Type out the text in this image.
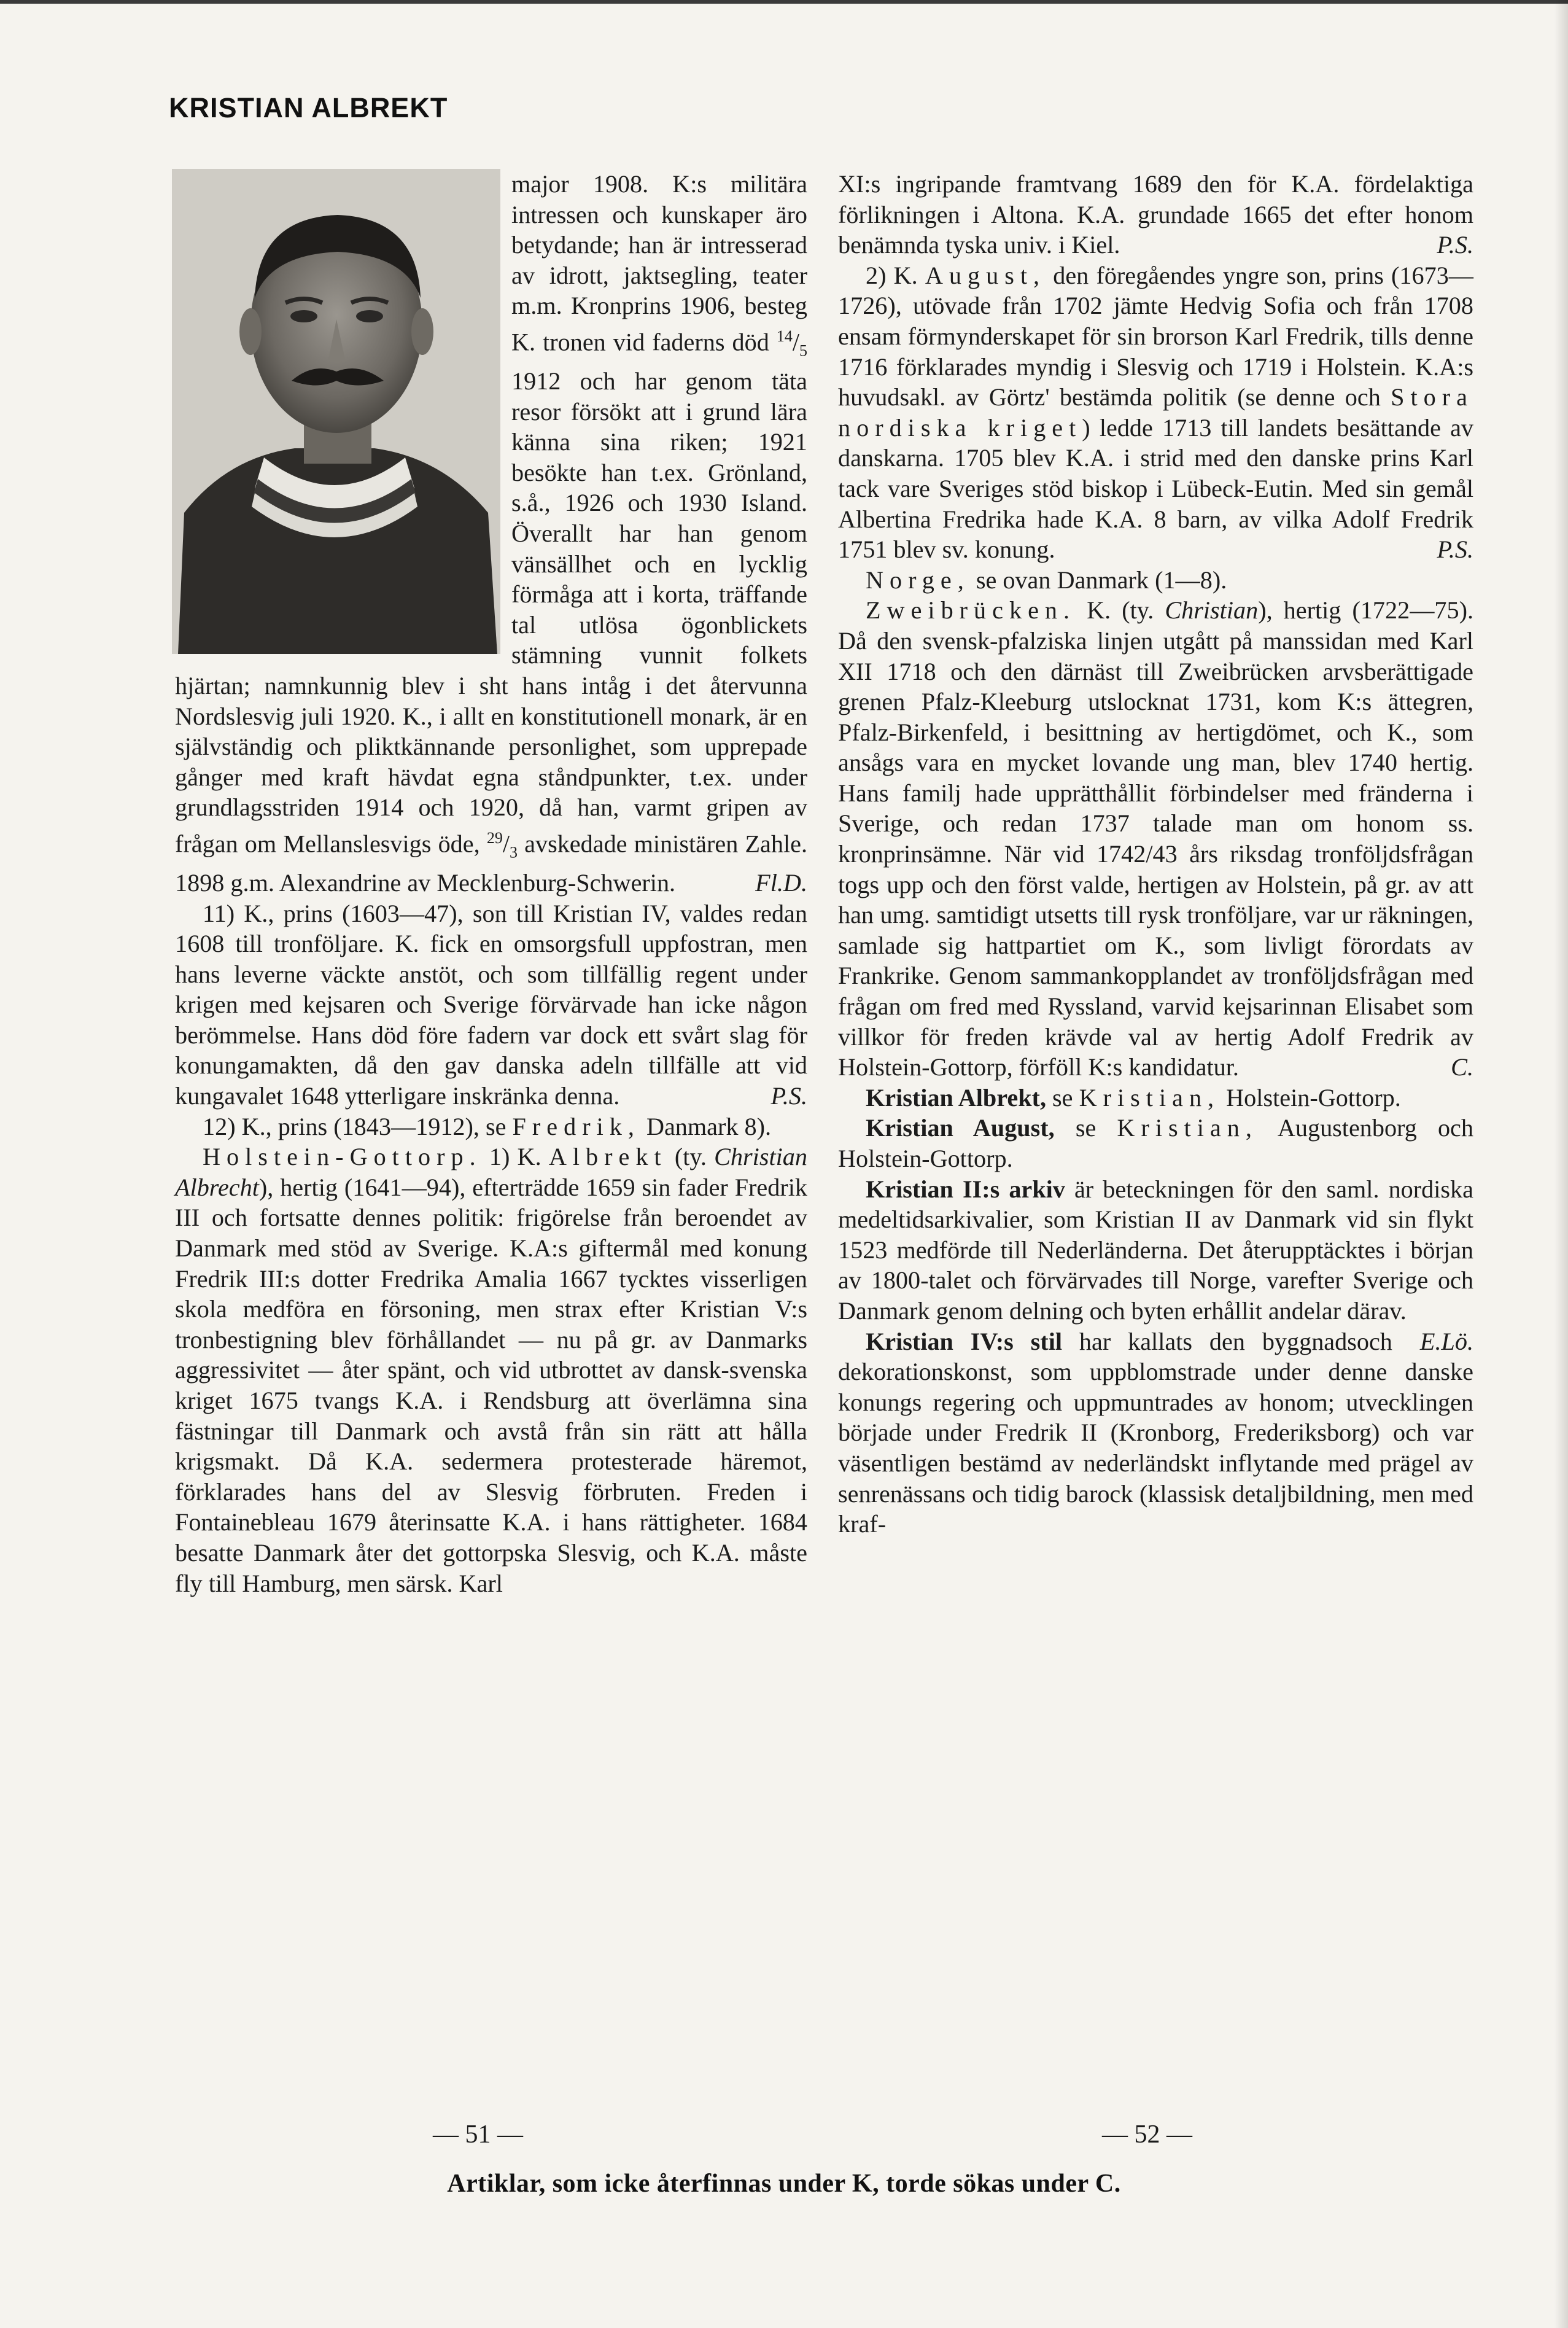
KRISTIAN ALBREKT

major 1908. K:s militära intressen och kunskaper äro betydande; han är intresserad av idrott, jaktsegling, teater m.m. Kronprins 1906, besteg K. tronen vid faderns död $^{14}/_5$ 1912 och har genom täta resor försökt att i grund lära känna sina riken; 1921 besökte han t.ex. Grönland, s.å., 1926 och 1930 Island. Överallt har han genom vänsällhet och en lycklig förmåga att i korta, träffande tal utlösa ögonblickets stämning vunnit folkets hjärtan; namnkunnig blev i sht hans intåg i det återvunna Nordslesvig juli 1920. K., i allt en konstitutionell monark, är en självständig och pliktkännande personlighet, som upprepade gånger med kraft hävdat egna ståndpunkter, t.ex. under grundlagsstriden 1914 och 1920, då han, varmt gripen av frågan om Mellanslesvigs öde, $^{29}/_3$ avskedade ministären Zahle. 1898 g.m. Alexandrine av Mecklenburg-Schwerin.	Fl.D.

11) K., prins (1603—47), son till Kristian IV, valdes redan 1608 till tronföljare. K. fick en omsorgsfull uppfostran, men hans leverne väckte anstöt, och som tillfällig regent under krigen med kejsaren och Sverige förvärvade han icke någon berömmelse. Hans död före fadern var dock ett svårt slag för konungamakten, då den gav danska adeln tillfälle att vid kungavalet 1648 ytterligare inskränka denna.	P.S.

12) K., prins (1843—1912), se Fredrik, Danmark 8).

Holstein-Gottorp. 1) K. Albrekt (ty. Christian Albrecht), hertig (1641—94), efterträdde 1659 sin fader Fredrik III och fortsatte dennes politik: frigörelse från beroendet av Danmark med stöd av Sverige. K.A:s giftermål med konung Fredrik III:s dotter Fredrika Amalia 1667 tycktes visserligen skola medföra en försoning, men strax efter Kristian V:s tronbestigning blev förhållandet — nu på gr. av Danmarks aggressivitet — åter spänt, och vid utbrottet av dansk-svenska kriget 1675 tvangs K.A. i Rendsburg att överlämna sina fästningar till Danmark och avstå från sin rätt att hålla krigsmakt. Då K.A. sedermera protesterade häremot, förklarades hans del av Slesvig förbruten. Freden i Fontainebleau 1679 återinsatte K.A. i hans rättigheter. 1684 besatte Danmark åter det gottorpska Slesvig, och K.A. måste fly till Hamburg, men särsk. Karl

XI:s ingripande framtvang 1689 den för K.A. fördelaktiga förlikningen i Altona. K.A. grundade 1665 det efter honom benämnda tyska univ. i Kiel.	P.S.

2) K. August, den föregåendes yngre son, prins (1673—1726), utövade från 1702 jämte Hedvig Sofia och från 1708 ensam förmynderskapet för sin brorson Karl Fredrik, tills denne 1716 förklarades myndig i Slesvig och 1719 i Holstein. K.A:s huvudsakl. av Görtz' bestämda politik (se denne och Stora nordiska kriget) ledde 1713 till landets besättande av danskarna. 1705 blev K.A. i strid med den danske prins Karl tack vare Sveriges stöd biskop i Lübeck-Eutin. Med sin gemål Albertina Fredrika hade K.A. 8 barn, av vilka Adolf Fredrik 1751 blev sv. konung.	P.S.

Norge, se ovan Danmark (1—8).

Zweibrücken. K. (ty. Christian), hertig (1722—75). Då den svensk-pfalziska linjen utgått på manssidan med Karl XII 1718 och den därnäst till Zweibrücken arvsberättigade grenen Pfalz-Kleeburg utslocknat 1731, kom K:s ättegren, Pfalz-Birkenfeld, i besittning av hertigdömet, och K., som ansågs vara en mycket lovande ung man, blev 1740 hertig. Hans familj hade upprätthållit förbindelser med fränderna i Sverige, och redan 1737 talade man om honom ss. kronprinsämne. När vid 1742/43 års riksdag tronföljdsfrågan togs upp och den först valde, hertigen av Holstein, på gr. av att han umg. samtidigt utsetts till rysk tronföljare, var ur räkningen, samlade sig hattpartiet om K., som livligt förordats av Frankrike. Genom sammankopplandet av tronföljdsfrågan med frågan om fred med Ryssland, varvid kejsarinnan Elisabet som villkor för freden krävde val av hertig Adolf Fredrik av Holstein-Gottorp, förföll K:s kandidatur.	C.

Kristian Albrekt, se Kristian, Holstein-Gottorp.

Kristian August, se Kristian, Augustenborg och Holstein-Gottorp.

Kristian II:s arkiv är beteckningen för den saml. nordiska medeltidsarkivalier, som Kristian II av Danmark vid sin flykt 1523 medförde till Nederländerna. Det återupptäcktes i början av 1800-talet och förvärvades till Norge, varefter Sverige och Danmark genom delning och byten erhållit andelar därav.
E.Lö.

Kristian IV:s stil har kallats den byggnadsoch dekorationskonst, som uppblomstrade under denne danske konungs regering och uppmuntrades av honom; utvecklingen började under Fredrik II (Kronborg, Frederiksborg) och var väsentligen bestämd av nederländskt inflytande med prägel av senrenässans och tidig barock (klassisk detaljbildning, men med kraf-

— 51 —	— 52 —
Artiklar, som icke återfinnas under K, torde sökas under C.
